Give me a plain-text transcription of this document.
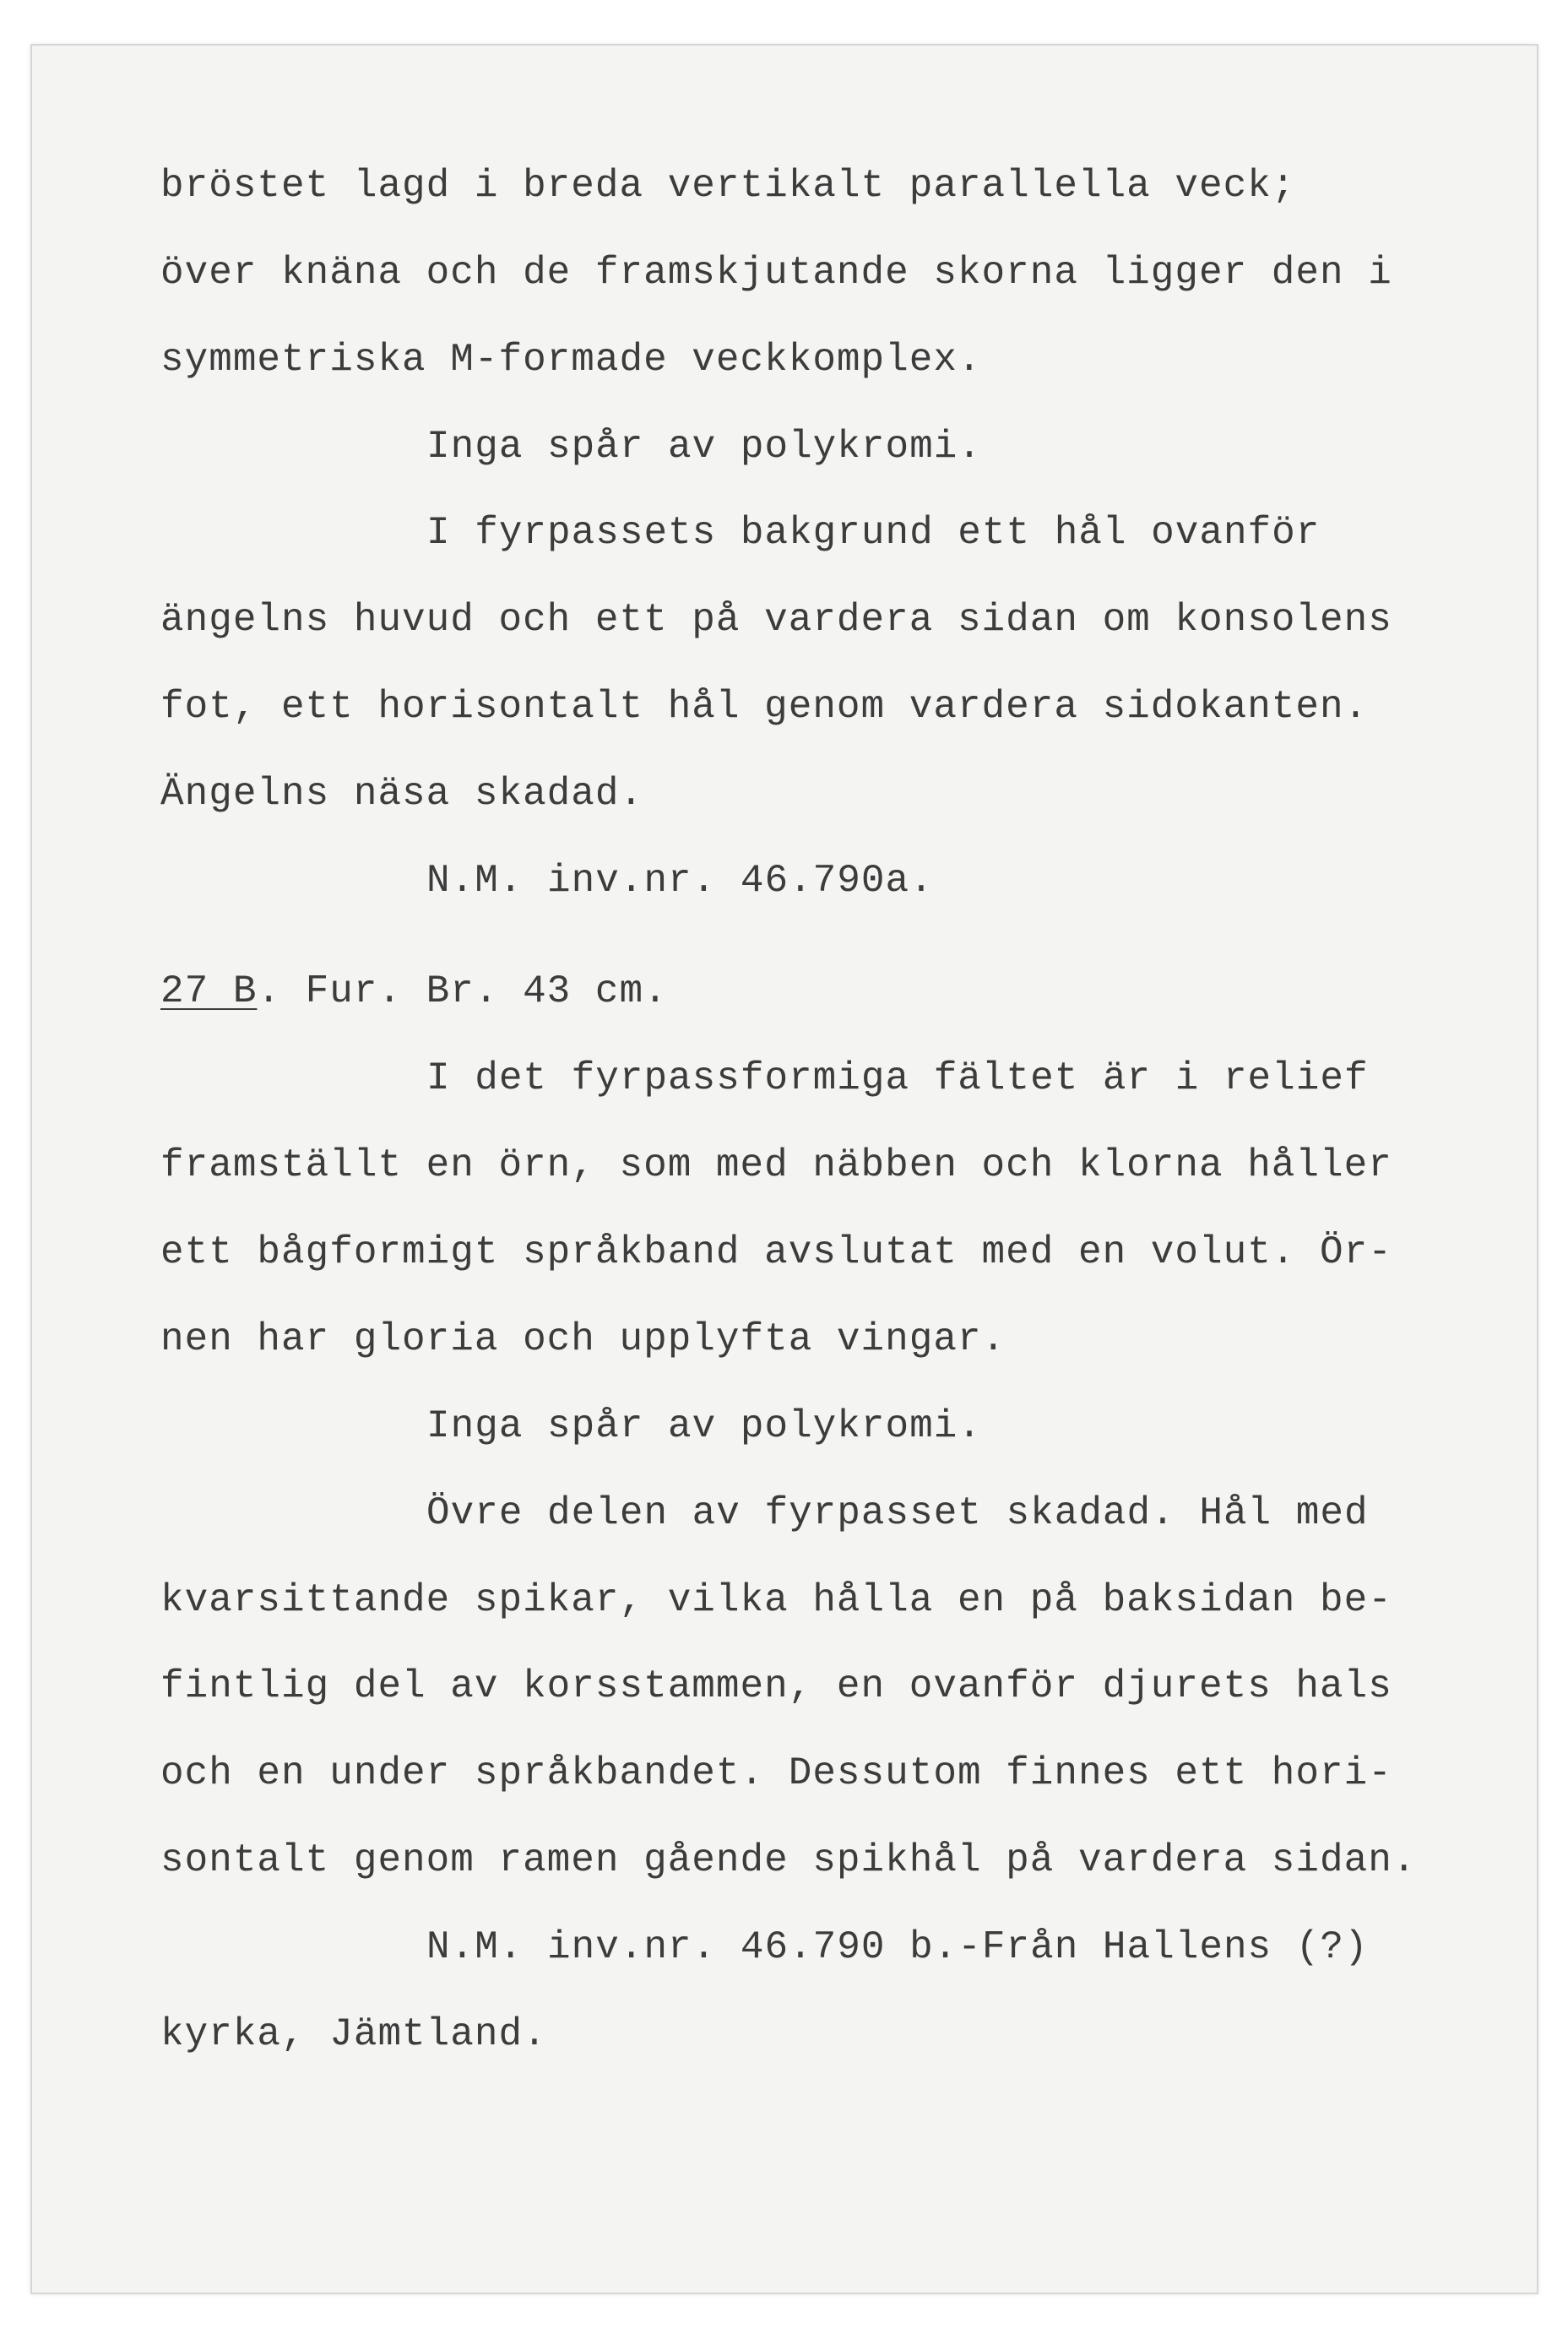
bröstet lagd i breda vertikalt parallella veck;

över knäna och de framskjutande skorna ligger den i

symmetriska M-formade veckkomplex.

Inga spår av polykromi.

I fyrpassets bakgrund ett hål ovanför

ängelns huvud och ett på vardera sidan om konsolens

fot, ett horisontalt hål genom vardera sidokanten.

Ängelns näsa skadad.

N.M. inv.nr. 46.790a.

27 B. Fur. Br. 43 cm.

I det fyrpassformiga fältet är i relief

framställt en örn, som med näbben och klorna håller

ett bågformigt språkband avslutat med en volut. Ör-

nen har gloria och upplyfta vingar.

Inga spår av polykromi.

Övre delen av fyrpasset skadad. Hål med

kvarsittande spikar, vilka hålla en på baksidan be-

fintlig del av korsstammen, en ovanför djurets hals

och en under språkbandet. Dessutom finnes ett hori-

sontalt genom ramen gående spikhål på vardera sidan.

N.M. inv.nr. 46.790 b.-Från Hallens (?)

kyrka, Jämtland.
